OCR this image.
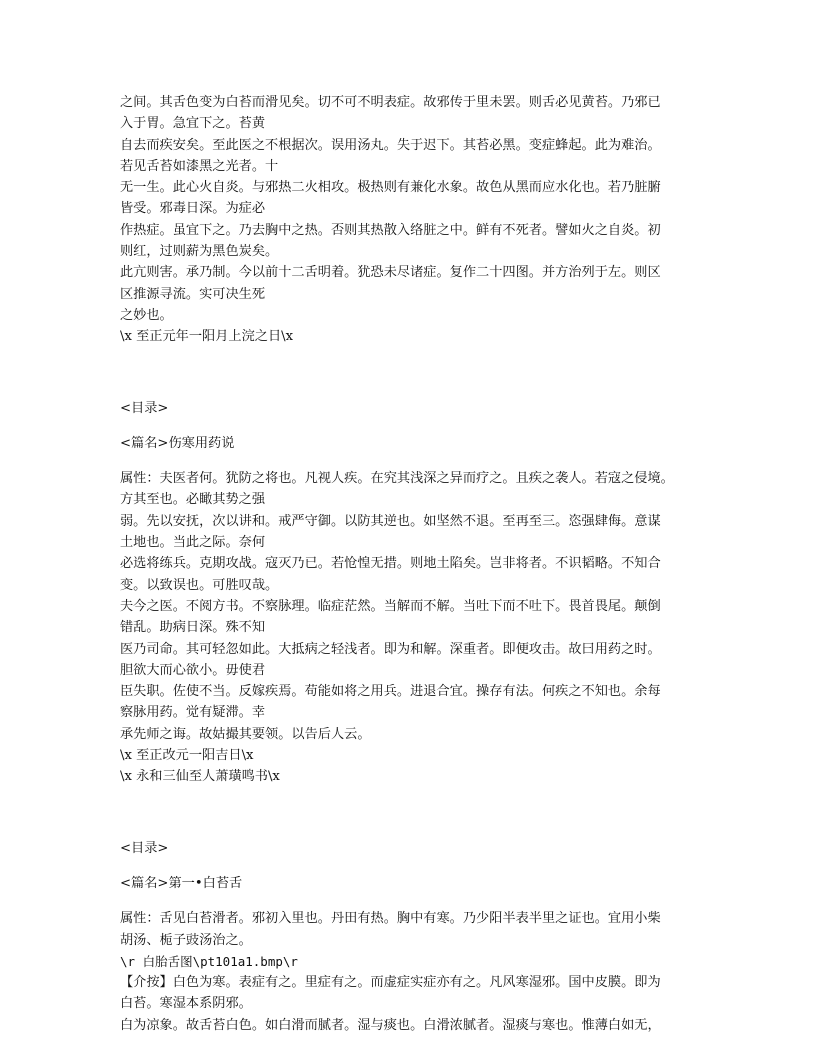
之间。其舌色变为白苔而滑见矣。切不可不明表症。故邪传于里未罢。则舌必见黄苔。乃邪已
入于胃。急宜下之。苔黄
自去而疾安矣。至此医之不根据次。误用汤丸。失于迟下。其苔必黑。变症蜂起。此为难治。
若见舌苔如漆黑之光者。十
无一生。此心火自炎。与邪热二火相攻。极热则有兼化水象。故色从黑而应水化也。若乃脏腑
皆受。邪毒日深。为症必
作热症。虽宜下之。乃去胸中之热。否则其热散入络脏之中。鲜有不死者。譬如火之自炎。初
则红，过则薪为黑色炭矣。
此亢则害。承乃制。今以前十二舌明着。犹恐未尽诸症。复作二十四图。并方治列于左。则区
区推源寻流。实可决生死
之妙也。
\x 至正元年一阳月上浣之日\x
<目录>
<篇名>伤寒用药说
属性：夫医者何。犹防之将也。凡视人疾。在究其浅深之异而疗之。且疾之袭人。若寇之侵境。
方其至也。必瞰其势之强
弱。先以安抚，次以讲和。戒严守御。以防其逆也。如坚然不退。至再至三。恣强肆侮。意谋
土地也。当此之际。奈何
必选将练兵。克期攻战。寇灭乃已。若怆惶无措。则地土陷矣。岂非将者。不识韬略。不知合
变。以致误也。可胜叹哉。
夫今之医。不阅方书。不察脉理。临症茫然。当解而不解。当吐下而不吐下。畏首畏尾。颠倒
错乱。助病日深。殊不知
医乃司命。其可轻忽如此。大抵病之轻浅者。即为和解。深重者。即便攻击。故曰用药之时。
胆欲大而心欲小。毋使君
臣失职。佐使不当。反嫁疾焉。苟能如将之用兵。进退合宜。操存有法。何疾之不知也。余每
察脉用药。觉有疑滞。幸
承先师之诲。故姑撮其要领。以告后人云。
\x 至正改元一阳吉日\x
\x 永和三仙至人萧璜鸣书\x
<目录>
<篇名>第一•白苔舌
属性：舌见白苔滑者。邪初入里也。丹田有热。胸中有寒。乃少阳半表半里之证也。宜用小柴
胡汤、栀子豉汤治之。
\r 白胎舌图\pt101a1.bmp\r
【介按】白色为寒。表症有之。里症有之。而虚症实症亦有之。凡风寒湿邪。国中皮膜。即为
白苔。寒湿本系阴邪。
白为凉象。故舌苔白色。如白滑而腻者。湿与痰也。白滑浓腻者。湿痰与寒也。惟薄白如无，
